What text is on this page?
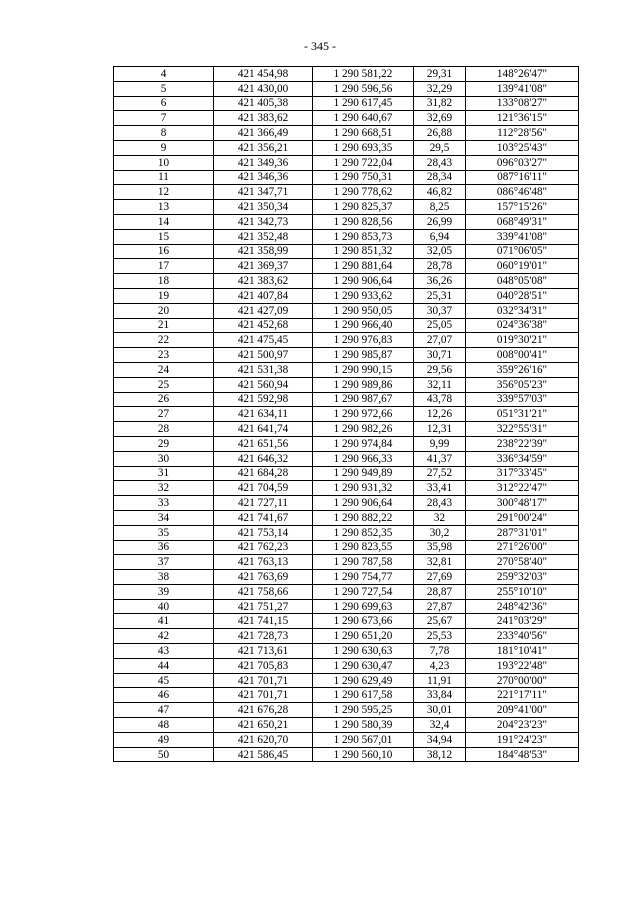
- 345 -
4	421 454,98	1 290 581,22	29,31	148°26'47"
5	421 430,00	1 290 596,56	32,29	139°41'08"
6	421 405,38	1 290 617,45	31,82	133°08'27"
7	421 383,62	1 290 640,67	32,69	121°36'15"
8	421 366,49	1 290 668,51	26,88	112°28'56"
9	421 356,21	1 290 693,35	29,5	103°25'43"
10	421 349,36	1 290 722,04	28,43	096°03'27"
11	421 346,36	1 290 750,31	28,34	087°16'11"
12	421 347,71	1 290 778,62	46,82	086°46'48"
13	421 350,34	1 290 825,37	8,25	157°15'26"
14	421 342,73	1 290 828,56	26,99	068°49'31"
15	421 352,48	1 290 853,73	6,94	339°41'08"
16	421 358,99	1 290 851,32	32,05	071°06'05"
17	421 369,37	1 290 881,64	28,78	060°19'01"
18	421 383,62	1 290 906,64	36,26	048°05'08"
19	421 407,84	1 290 933,62	25,31	040°28'51"
20	421 427,09	1 290 950,05	30,37	032°34'31"
21	421 452,68	1 290 966,40	25,05	024°36'38"
22	421 475,45	1 290 976,83	27,07	019°30'21"
23	421 500,97	1 290 985,87	30,71	008°00'41"
24	421 531,38	1 290 990,15	29,56	359°26'16"
25	421 560,94	1 290 989,86	32,11	356°05'23"
26	421 592,98	1 290 987,67	43,78	339°57'03"
27	421 634,11	1 290 972,66	12,26	051°31'21"
28	421 641,74	1 290 982,26	12,31	322°55'31"
29	421 651,56	1 290 974,84	9,99	238°22'39"
30	421 646,32	1 290 966,33	41,37	336°34'59"
31	421 684,28	1 290 949,89	27,52	317°33'45"
32	421 704,59	1 290 931,32	33,41	312°22'47"
33	421 727,11	1 290 906,64	28,43	300°48'17"
34	421 741,67	1 290 882,22	32	291°00'24"
35	421 753,14	1 290 852,35	30,2	287°31'01"
36	421 762,23	1 290 823,55	35,98	271°26'00"
37	421 763,13	1 290 787,58	32,81	270°58'40"
38	421 763,69	1 290 754,77	27,69	259°32'03"
39	421 758,66	1 290 727,54	28,87	255°10'10"
40	421 751,27	1 290 699,63	27,87	248°42'36"
41	421 741,15	1 290 673,66	25,67	241°03'29"
42	421 728,73	1 290 651,20	25,53	233°40'56"
43	421 713,61	1 290 630,63	7,78	181°10'41"
44	421 705,83	1 290 630,47	4,23	193°22'48"
45	421 701,71	1 290 629,49	11,91	270°00'00"
46	421 701,71	1 290 617,58	33,84	221°17'11"
47	421 676,28	1 290 595,25	30,01	209°41'00"
48	421 650,21	1 290 580,39	32,4	204°23'23"
49	421 620,70	1 290 567,01	34,94	191°24'23"
50	421 586,45	1 290 560,10	38,12	184°48'53"
